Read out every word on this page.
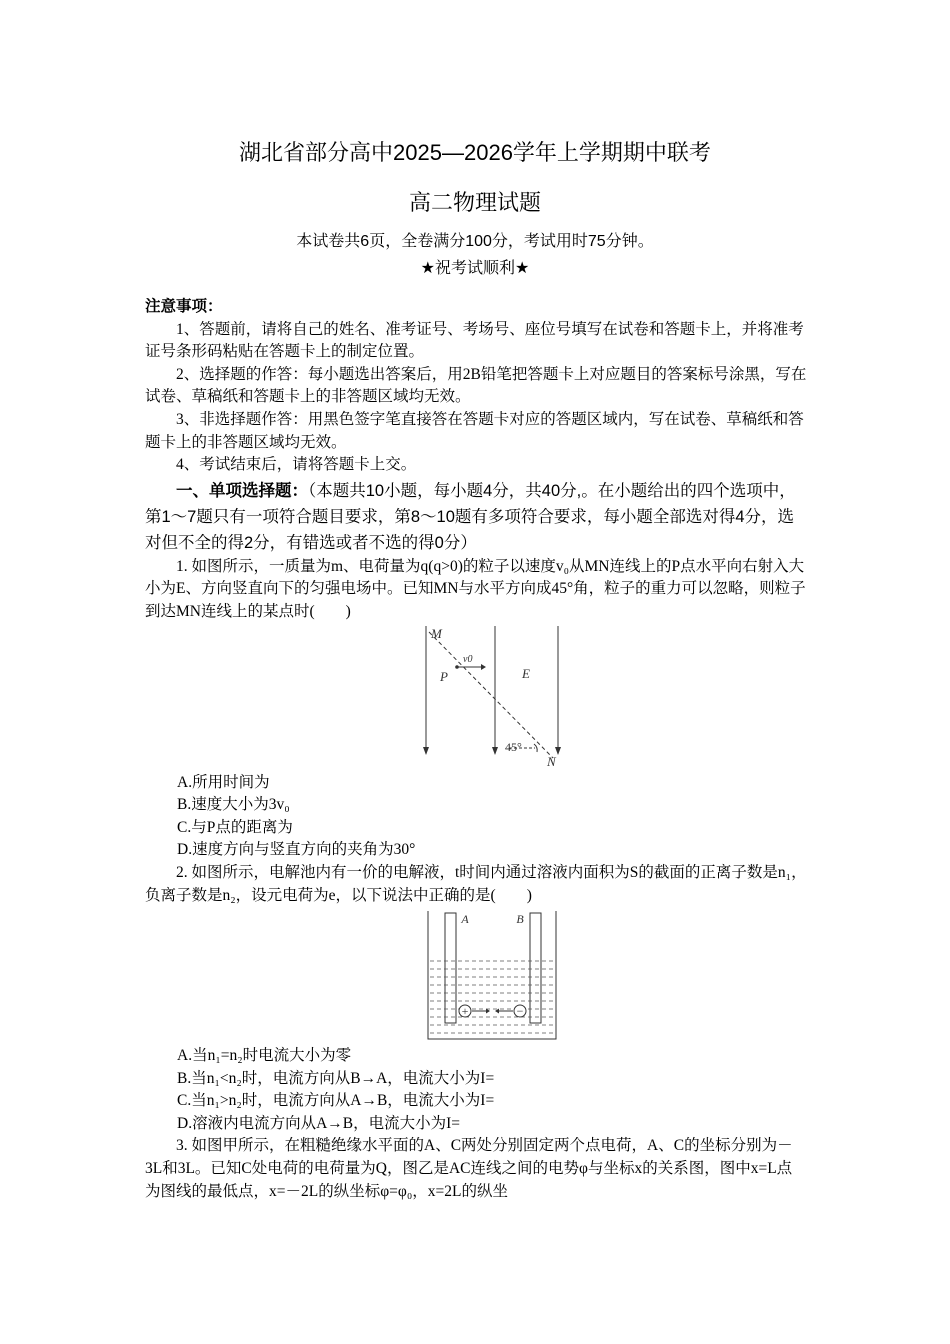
湖北省部分高中2025—2026学年上学期期中联考
高二物理试题
本试卷共6页，全卷满分100分，考试用时75分钟。
★祝考试顺利★

注意事项：

1、答题前，请将自己的姓名、准考证号、考场号、座位号填写在试卷和答题卡上，并将准考证号条形码粘贴在答题卡上的制定位置。

2、选择题的作答：每小题选出答案后，用2B铅笔把答题卡上对应题目的答案标号涂黑，写在试卷、草稿纸和答题卡上的非答题区域均无效。

3、非选择题作答：用黑色签字笔直接答在答题卡对应的答题区域内，写在试卷、草稿纸和答题卡上的非答题区域均无效。

4、考试结束后，请将答题卡上交。

一、单项选择题：（本题共10小题，每小题4分，共40分,。在小题给出的四个选项中，第1～7题只有一项符合题目要求，第8～10题有多项符合要求，每小题全部选对得4分，选对但不全的得2分，有错选或者不选的得0分）

1. 如图所示，一质量为m、电荷量为q(q>0)的粒子以速度v₀从MN连线上的P点水平向右射入大小为E、方向竖直向下的匀强电场中。已知MN与水平方向成45°角，粒子的重力可以忽略，则粒子到达MN连线上的某点时(　　)

M
P
v0
E
45°
N

A.所用时间为

B.速度大小为3v₀

C.与P点的距离为

D.速度方向与竖直方向的夹角为30°

2. 如图所示，电解池内有一价的电解液，t时间内通过溶液内面积为S的截面的正离子数是n₁，负离子数是n₂，设元电荷为e，以下说法中正确的是(　　)

+	−
A	B

A.当n₁=n₂时电流大小为零

B.当n₁<n₂时，电流方向从B→A，电流大小为I=

C.当n₁>n₂时，电流方向从A→B，电流大小为I=

D.溶液内电流方向从A→B，电流大小为I=

3. 如图甲所示，在粗糙绝缘水平面的A、C两处分别固定两个点电荷，A、C的坐标分别为－3L和3L。已知C处电荷的电荷量为Q，图乙是AC连线之间的电势φ与坐标x的关系图，图中x=L点为图线的最低点，x=－2L的纵坐标φ=φ₀，x=2L的纵坐
